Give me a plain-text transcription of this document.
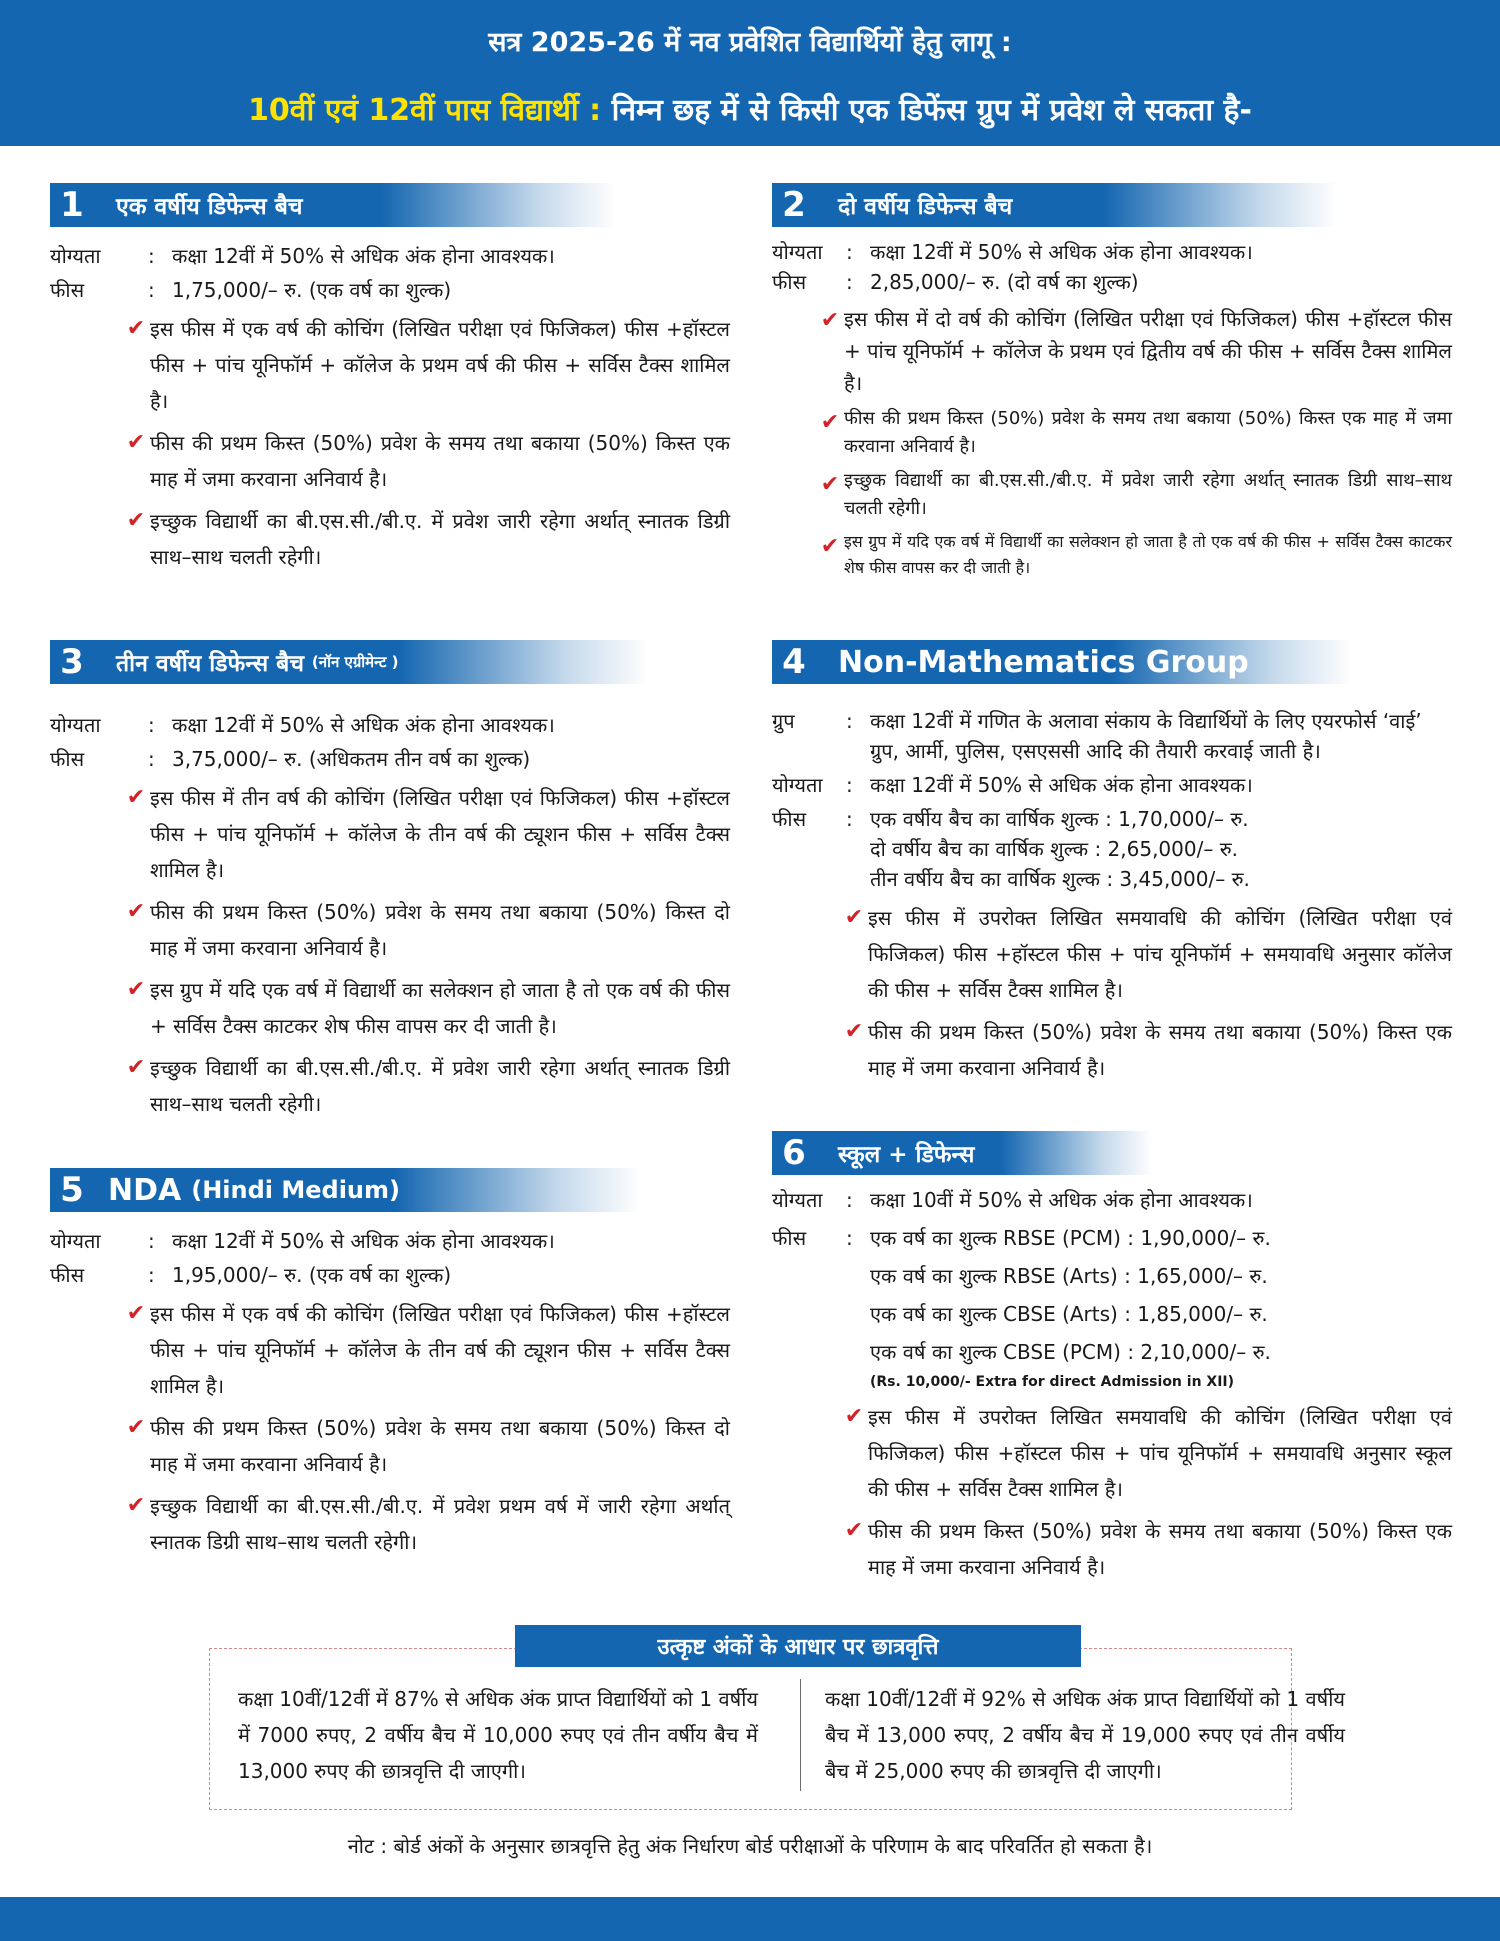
सत्र 2025-26 में नव प्रवेशित विद्यार्थियों हेतु लागू :
10वीं एवं 12वीं पास विद्यार्थी : निम्न छह में से किसी एक डिफेंस ग्रुप में प्रवेश ले सकता है-
1	एक वर्षीय डिफेन्स बैच
योग्यता	: कक्षा 12वीं में 50% से अधिक अंक होना आवश्यक।
फीस	: 1,75,000/– रु. (एक वर्ष का शुल्क)
✔ इस फीस में एक वर्ष की कोचिंग (लिखित परीक्षा एवं फिजिकल) फीस +हॉस्टल फीस + पांच यूनिफॉर्म + कॉलेज के प्रथम वर्ष की फीस + सर्विस टैक्स शामिल है।
✔ फीस की प्रथम किस्त (50%) प्रवेश के समय तथा बकाया (50%) किस्त एक माह में जमा करवाना अनिवार्य है।
✔ इच्छुक विद्यार्थी का बी.एस.सी./बी.ए. में प्रवेश जारी रहेगा अर्थात् स्नातक डिग्री साथ–साथ चलती रहेगी।
2	दो वर्षीय डिफेन्स बैच
योग्यता	: कक्षा 12वीं में 50% से अधिक अंक होना आवश्यक।
फीस	: 2,85,000/– रु. (दो वर्ष का शुल्क)
✔ इस फीस में दो वर्ष की कोचिंग (लिखित परीक्षा एवं फिजिकल) फीस +हॉस्टल फीस + पांच यूनिफॉर्म + कॉलेज के प्रथम एवं द्वितीय वर्ष की फीस + सर्विस टैक्स शामिल है।
✔ फीस की प्रथम किस्त (50%) प्रवेश के समय तथा बकाया (50%) किस्त एक माह में जमा करवाना अनिवार्य है।
✔ इच्छुक विद्यार्थी का बी.एस.सी./बी.ए. में प्रवेश जारी रहेगा अर्थात् स्नातक डिग्री साथ–साथ चलती रहेगी।
✔ इस ग्रुप में यदि एक वर्ष में विद्यार्थी का सलेक्शन हो जाता है तो एक वर्ष की फीस + सर्विस टैक्स काटकर शेष फीस वापस कर दी जाती है।
3	तीन वर्षीय डिफेन्स बैच (नॉन एग्रीमेन्ट )
योग्यता	: कक्षा 12वीं में 50% से अधिक अंक होना आवश्यक।
फीस	: 3,75,000/– रु. (अधिकतम तीन वर्ष का शुल्क)
✔ इस फीस में तीन वर्ष की कोचिंग (लिखित परीक्षा एवं फिजिकल) फीस +हॉस्टल फीस + पांच यूनिफॉर्म + कॉलेज के तीन वर्ष की ट्यूशन फीस + सर्विस टैक्स शामिल है।
✔ फीस की प्रथम किस्त (50%) प्रवेश के समय तथा बकाया (50%) किस्त दो माह में जमा करवाना अनिवार्य है।
✔ इस ग्रुप में यदि एक वर्ष में विद्यार्थी का सलेक्शन हो जाता है तो एक वर्ष की फीस + सर्विस टैक्स काटकर शेष फीस वापस कर दी जाती है।
✔ इच्छुक विद्यार्थी का बी.एस.सी./बी.ए. में प्रवेश जारी रहेगा अर्थात् स्नातक डिग्री साथ–साथ चलती रहेगी।
4	Non-Mathematics Group
ग्रुप	: कक्षा 12वीं में गणित के अलावा संकाय के विद्यार्थियों के लिए एयरफोर्स ‘वाई’ ग्रुप, आर्मी, पुलिस, एसएससी आदि की तैयारी करवाई जाती है।
योग्यता	: कक्षा 12वीं में 50% से अधिक अंक होना आवश्यक।
फीस	: एक वर्षीय बैच का वार्षिक शुल्क : 1,70,000/– रु.
दो वर्षीय बैच का वार्षिक शुल्क : 2,65,000/– रु.
तीन वर्षीय बैच का वार्षिक शुल्क : 3,45,000/– रु.
✔ इस फीस में उपरोक्त लिखित समयावधि की कोचिंग (लिखित परीक्षा एवं फिजिकल) फीस +हॉस्टल फीस + पांच यूनिफॉर्म + समयावधि अनुसार कॉलेज की फीस + सर्विस टैक्स शामिल है।
✔ फीस की प्रथम किस्त (50%) प्रवेश के समय तथा बकाया (50%) किस्त एक माह में जमा करवाना अनिवार्य है।
5 NDA (Hindi Medium)
योग्यता	: कक्षा 12वीं में 50% से अधिक अंक होना आवश्यक।
फीस	: 1,95,000/– रु. (एक वर्ष का शुल्क)
✔ इस फीस में एक वर्ष की कोचिंग (लिखित परीक्षा एवं फिजिकल) फीस +हॉस्टल फीस + पांच यूनिफॉर्म + कॉलेज के तीन वर्ष की ट्यूशन फीस + सर्विस टैक्स शामिल है।
✔ फीस की प्रथम किस्त (50%) प्रवेश के समय तथा बकाया (50%) किस्त दो माह में जमा करवाना अनिवार्य है।
✔ इच्छुक विद्यार्थी का बी.एस.सी./बी.ए. में प्रवेश प्रथम वर्ष में जारी रहेगा अर्थात् स्नातक डिग्री साथ–साथ चलती रहेगी।
6	स्कूल + डिफेन्स
योग्यता	: कक्षा 10वीं में 50% से अधिक अंक होना आवश्यक।
फीस	: एक वर्ष का शुल्क RBSE (PCM) : 1,90,000/– रु.
एक वर्ष का शुल्क RBSE (Arts) : 1,65,000/– रु.
एक वर्ष का शुल्क CBSE (Arts) : 1,85,000/– रु.
एक वर्ष का शुल्क CBSE (PCM) : 2,10,000/– रु.
(Rs. 10,000/- Extra for direct Admission in XII)
✔ इस फीस में उपरोक्त लिखित समयावधि की कोचिंग (लिखित परीक्षा एवं फिजिकल) फीस +हॉस्टल फीस + पांच यूनिफॉर्म + समयावधि अनुसार स्कूल की फीस + सर्विस टैक्स शामिल है।
✔ फीस की प्रथम किस्त (50%) प्रवेश के समय तथा बकाया (50%) किस्त एक माह में जमा करवाना अनिवार्य है।
कक्षा 10वीं/12वीं में 87% से अधिक अंक प्राप्त विद्यार्थियों को 1 वर्षीय में 7000 रुपए, 2 वर्षीय बैच में 10,000 रुपए एवं तीन वर्षीय बैच में 13,000 रुपए की छात्रवृत्ति दी जाएगी।
कक्षा 10वीं/12वीं में 92% से अधिक अंक प्राप्त विद्यार्थियों को 1 वर्षीय बैच में 13,000 रुपए, 2 वर्षीय बैच में 19,000 रुपए एवं तीन वर्षीय बैच में 25,000 रुपए की छात्रवृत्ति दी जाएगी।
उत्कृष्ट अंकों के आधार पर छात्रवृत्ति
नोट : बोर्ड अंकों के अनुसार छात्रवृत्ति हेतु अंक निर्धारण बोर्ड परीक्षाओं के परिणाम के बाद परिवर्तित हो सकता है।
